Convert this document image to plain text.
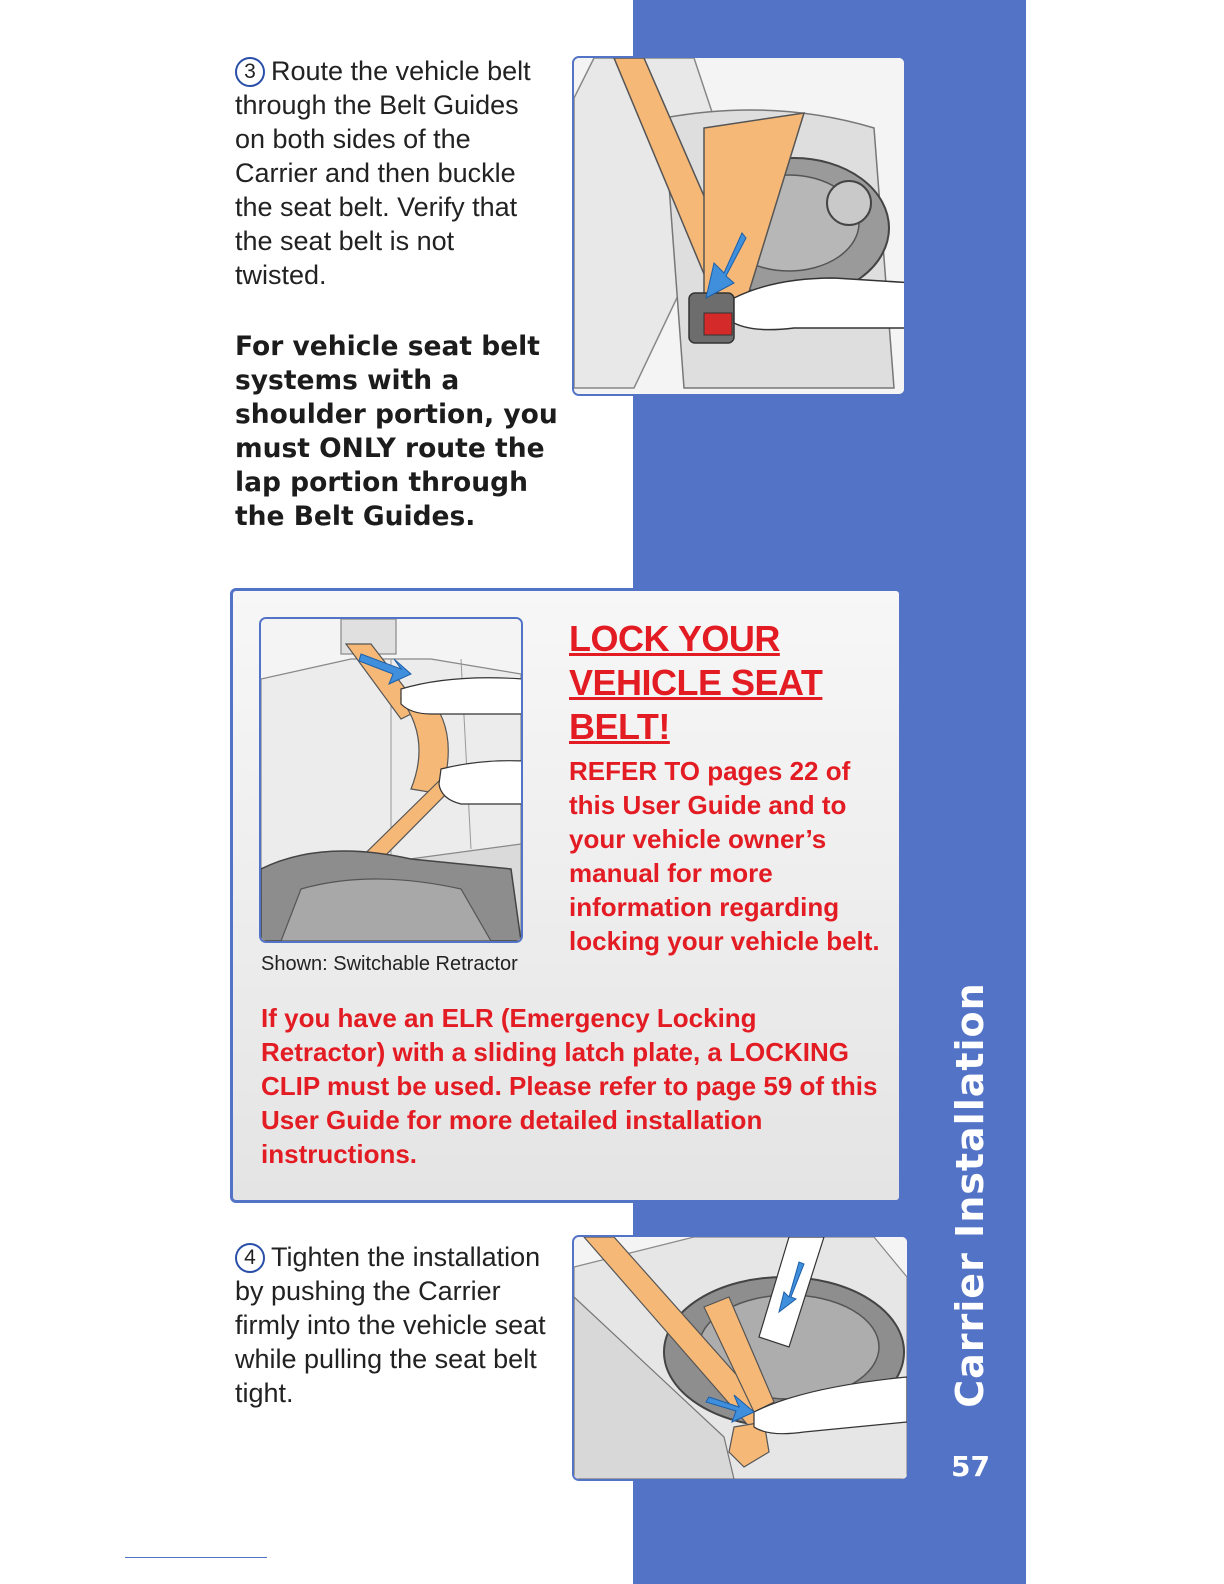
Carrier Installation
57
3 Route the vehicle belt through the Belt Guides on both sides of the Carrier and then buckle the seat belt. Verify that the seat belt is not twisted.
For vehicle seat belt systems with a shoulder portion, you must ONLY route the lap portion through the Belt Guides.
Shown: Switchable Retractor
LOCK YOUR VEHICLE SEAT BELT!
REFER TO pages 22 of this User Guide and to your vehicle owner’s manual for more information regarding locking your vehicle belt.
If you have an ELR (Emergency Locking Retractor) with a sliding latch plate, a LOCKING CLIP must be used. Please refer to page 59 of this User Guide for more detailed installation instructions.
4 Tighten the installation by pushing the Carrier firmly into the vehicle seat while pulling the seat belt tight.
